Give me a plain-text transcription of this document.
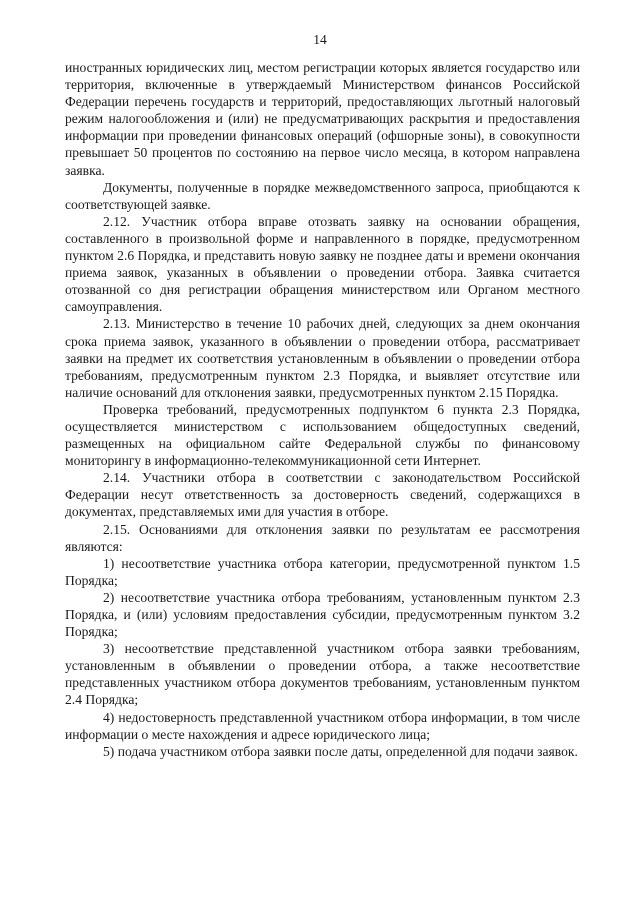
14

иностранных юридических лиц, местом регистрации которых является государство или территория, включенные в утверждаемый Министерством финансов Российской Федерации перечень государств и территорий, предоставляющих льготный налоговый режим налогообложения и (или) не предусматривающих раскрытия и предоставления информации при проведении финансовых операций (офшорные зоны), в совокупности превышает 50 процентов по состоянию на первое число месяца, в котором направлена заявка.

Документы, полученные в порядке межведомственного запроса, приобщаются к соответствующей заявке.

2.12. Участник отбора вправе отозвать заявку на основании обращения, составленного в произвольной форме и направленного в порядке, предусмотренном пунктом 2.6 Порядка, и представить новую заявку не позднее даты и времени окончания приема заявок, указанных в объявлении о проведении отбора. Заявка считается отозванной со дня регистрации обращения министерством или Органом местного самоуправления.

2.13. Министерство в течение 10 рабочих дней, следующих за днем окончания срока приема заявок, указанного в объявлении о проведении отбора, рассматривает заявки на предмет их соответствия установленным в объявлении о проведении отбора требованиям, предусмотренным пунктом 2.3 Порядка, и выявляет отсутствие или наличие оснований для отклонения заявки, предусмотренных пунктом 2.15 Порядка.

Проверка требований, предусмотренных подпунктом 6 пункта 2.3 Порядка, осуществляется министерством с использованием общедоступных сведений, размещенных на официальном сайте Федеральной службы по финансовому мониторингу в информационно-телекоммуникационной сети Интернет.

2.14. Участники отбора в соответствии с законодательством Российской Федерации несут ответственность за достоверность сведений, содержащихся в документах, представляемых ими для участия в отборе.

2.15. Основаниями для отклонения заявки по результатам ее рассмотрения являются:

1) несоответствие участника отбора категории, предусмотренной пунктом 1.5 Порядка;

2) несоответствие участника отбора требованиям, установленным пунктом 2.3 Порядка, и (или) условиям предоставления субсидии, предусмотренным пунктом 3.2 Порядка;

3) несоответствие представленной участником отбора заявки требованиям, установленным в объявлении о проведении отбора, а также несоответствие представленных участником отбора документов требованиям, установленным пунктом 2.4 Порядка;

4) недостоверность представленной участником отбора информации, в том числе информации о месте нахождения и адресе юридического лица;

5) подача участником отбора заявки после даты, определенной для подачи заявок.
